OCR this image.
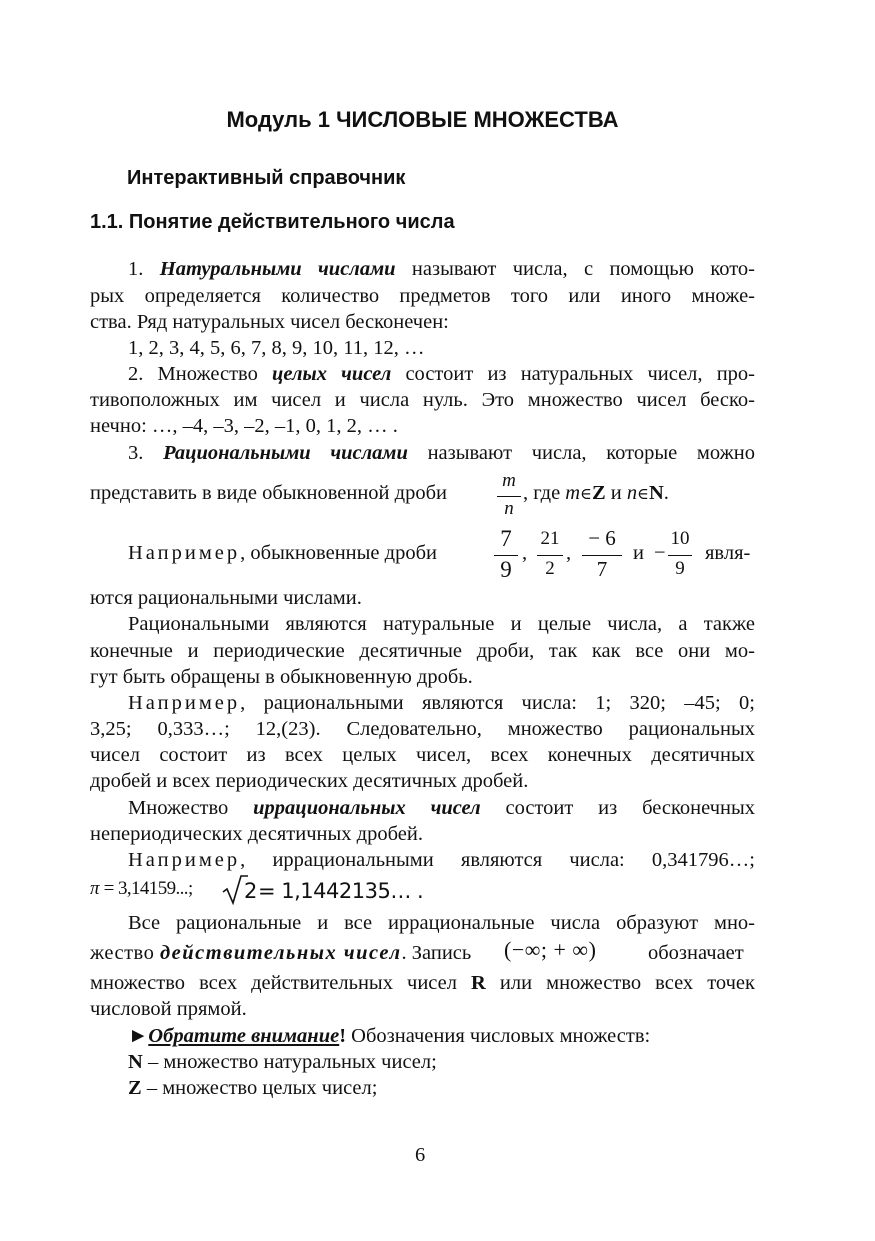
Модуль 1 ЧИСЛОВЫЕ МНОЖЕСТВА
Интерактивный справочник
1.1. Понятие действительного числа
1. Натуральными числами называют числа, с помощью кото-
рых определяется количество предметов того или иного множе-
ства. Ряд натуральных чисел бесконечен:
1, 2, 3, 4, 5, 6, 7, 8, 9, 10, 11, 12, …
2. Множество целых чисел состоит из натуральных чисел, про-
тивоположных им чисел и числа нуль. Это множество чисел беско-
нечно: …, –4, –3, –2, –1, 0, 1, 2, … .
3. Рациональными числами называют числа, которые можно
представить в виде обыкновенной дроби
m
n
, где m∈Z и n∈N.
Например, обыкновенные дроби
7
9
,
21
2
,
− 6
7
и −
10
9
явля-
ются рациональными числами.
Рациональными являются натуральные и целые числа, а также
конечные и периодические десятичные дроби, так как все они мо-
гут быть обращены в обыкновенную дробь.
Например, рациональными являются числа: 1; 320; –45; 0;
3,25; 0,333…; 12,(23). Следовательно, множество рациональных
чисел состоит из всех целых чисел, всех конечных десятичных
дробей и всех периодических десятичных дробей.
Множество иррациональных чисел состоит из бесконечных
непериодических десятичных дробей.
Например, иррациональными являются числа: 0,341796…;
π = 3,14159...; 2 = 1,1442135… .
Все рациональные и все иррациональные числа образуют мно-
жество действительных чисел. Запись (−∞; + ∞)	обозначает
множество всех действительных чисел R или множество всех точек
числовой прямой.
►Обратите внимание! Обозначения числовых множеств:
N – множество натуральных чисел;
Z – множество целых чисел;
6
